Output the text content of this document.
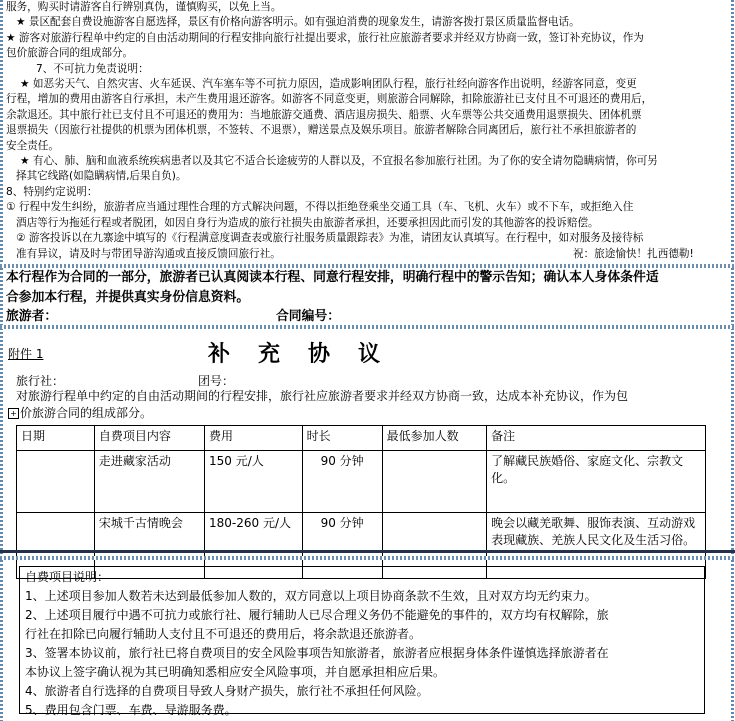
服务，购买时请游客自行辨别真伪，谨慎购买，以免上当。

★ 景区配套自费设施游客自愿选择，景区有价格向游客明示。如有强迫消费的现象发生，请游客拨打景区质量监督电话。

★ 游客对旅游行程单中约定的自由活动期间的行程安排向旅行社提出要求，旅行社应旅游者要求并经双方协商一致，签订补充协议，作为

包价旅游合同的组成部分。

7、不可抗力免责说明：

★ 如恶劣天气、自然灾害、火车延误、汽车塞车等不可抗力原因，造成影响团队行程，旅行社经向游客作出说明，经游客同意，变更

行程，增加的费用由游客自行承担，未产生费用退还游客。如游客不同意变更，则旅游合同解除，扣除旅游社已支付且不可退还的费用后，

余款退还。其中旅行社已支付且不可退还的费用为：当地旅游交通费、酒店退房损失、船票、火车票等公共交通费用退票损失、团体机票

退票损失（因旅行社提供的机票为团体机票，不签转、不退票），赠送景点及娱乐项目。旅游者解除合同离团后，旅行社不承担旅游者的

安全责任。

★ 有心、肺、脑和血液系统疾病患者以及其它不适合长途疲劳的人群以及，不宜报名参加旅行社团。为了你的安全请勿隐瞒病情，你可另

择其它线路(如隐瞒病情,后果自负)。

8、特别约定说明：

① 行程中发生纠纷，旅游者应当通过理性合理的方式解决问题，不得以拒绝登乘坐交通工具（车、飞机、火车）或不下车，或拒绝入住

酒店等行为拖延行程或者脱团，如因自身行为造成的旅行社损失由旅游者承担，还要承担因此而引发的其他游客的投诉赔偿。

② 游客投诉以在九寨途中填写的《行程满意度调查表或旅行社服务质量跟踪表》为准，请团友认真填写。在行程中，如对服务及接待标

准有异议，请及时与带团导游沟通或直接反馈回旅行社。	祝：旅途愉快！扎西德勒!

本行程作为合同的一部分，旅游者已认真阅读本行程、同意行程安排，明确行程中的警示告知；确认本人身体条件适

合参加本行程，并提供真实身份信息资料。

旅游者：	合同编号：

附件 1	补充协议
旅行社：	团号：

对旅游行程单中约定的自由活动期间的行程安排，旅行社应旅游者要求并经双方协商一致，达成本补充协议，作为包

+ 价旅游合同的组成部分。

日期	自费项目内容	费用	时长	最低参加人数	备注
	走进藏家活动	150 元/人	90 分钟		了解藏民族婚俗、家庭文化、宗教文化。
	宋城千古情晚会	180-260 元/人	90 分钟		晚会以藏羌歌舞、服饰表演、互动游戏表现藏族、羌族人民文化及生活习俗。

自费项目说明：

1、上述项目参加人数若未达到最低参加人数的，双方同意以上项目协商条款不生效，且对双方均无约束力。

2、上述项目履行中遇不可抗力或旅行社、履行辅助人已尽合理义务仍不能避免的事件的，双方均有权解除，旅

行社在扣除已向履行辅助人支付且不可退还的费用后，将余款退还旅游者。

3、签署本协议前，旅行社已将自费项目的安全风险事项告知旅游者，旅游者应根据身体条件谨慎选择旅游者在

本协议上签字确认视为其已明确知悉相应安全风险事项，并自愿承担相应后果。

4、旅游者自行选择的自费项目导致人身财产损失，旅行社不承担任何风险。

5、费用包含门票、车费、导游服务费。
